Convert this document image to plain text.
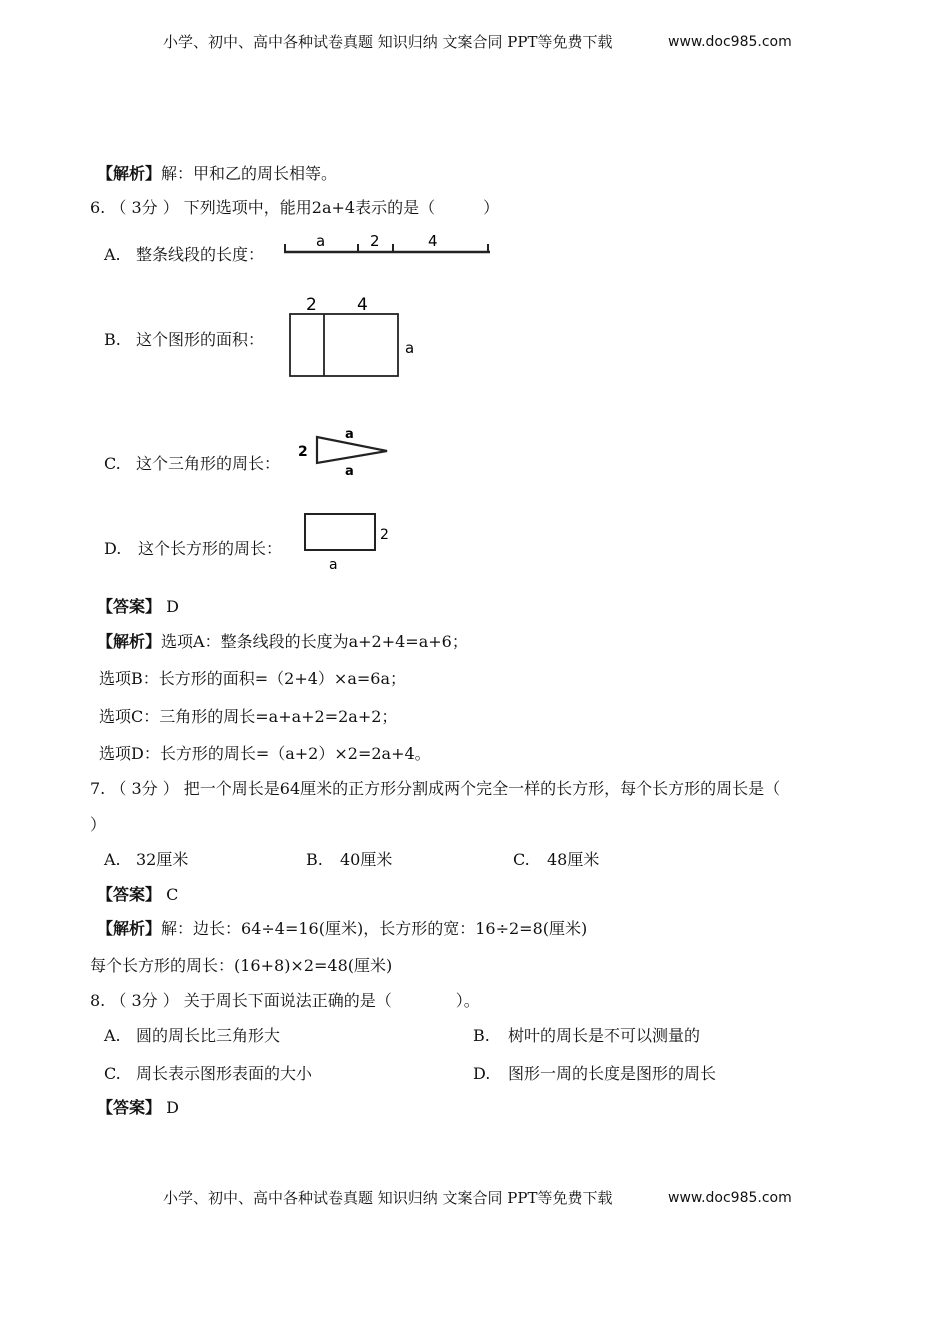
小学、初中、高中各种试卷真题 知识归纳 文案合同 PPT等免费下载	www.doc985.com
【解析】解：甲和乙的周长相等。
6. （ 3分 ） 下列选项中，能用2a+4表示的是（　　　）
A. 整条线段的长度：
a	2	4
B. 这个图形的面积：
2 4
a
C. 这个三角形的周长：
a
2
a
D. 这个长方形的周长：
2
a
【答案】 D
【解析】选项A：整条线段的长度为a+2+4=a+6；
选项B：长方形的面积=（2+4）×a=6a；
选项C：三角形的周长=a+a+2=2a+2；
选项D：长方形的周长=（a+2）×2=2a+4。
7. （ 3分 ） 把一个周长是64厘米的正方形分割成两个完全一样的长方形，每个长方形的周长是（
）
A. 32厘米	B. 40厘米	C. 48厘米
【答案】 C
【解析】解：边长：64÷4=16(厘米)，长方形的宽：16÷2=8(厘米)
每个长方形的周长：(16+8)×2=48(厘米)
8. （ 3分 ） 关于周长下面说法正确的是（　　　　）。
A. 圆的周长比三角形大	B. 树叶的周长是不可以测量的
C. 周长表示图形表面的大小	D. 图形一周的长度是图形的周长
【答案】 D
小学、初中、高中各种试卷真题 知识归纳 文案合同 PPT等免费下载	www.doc985.com
